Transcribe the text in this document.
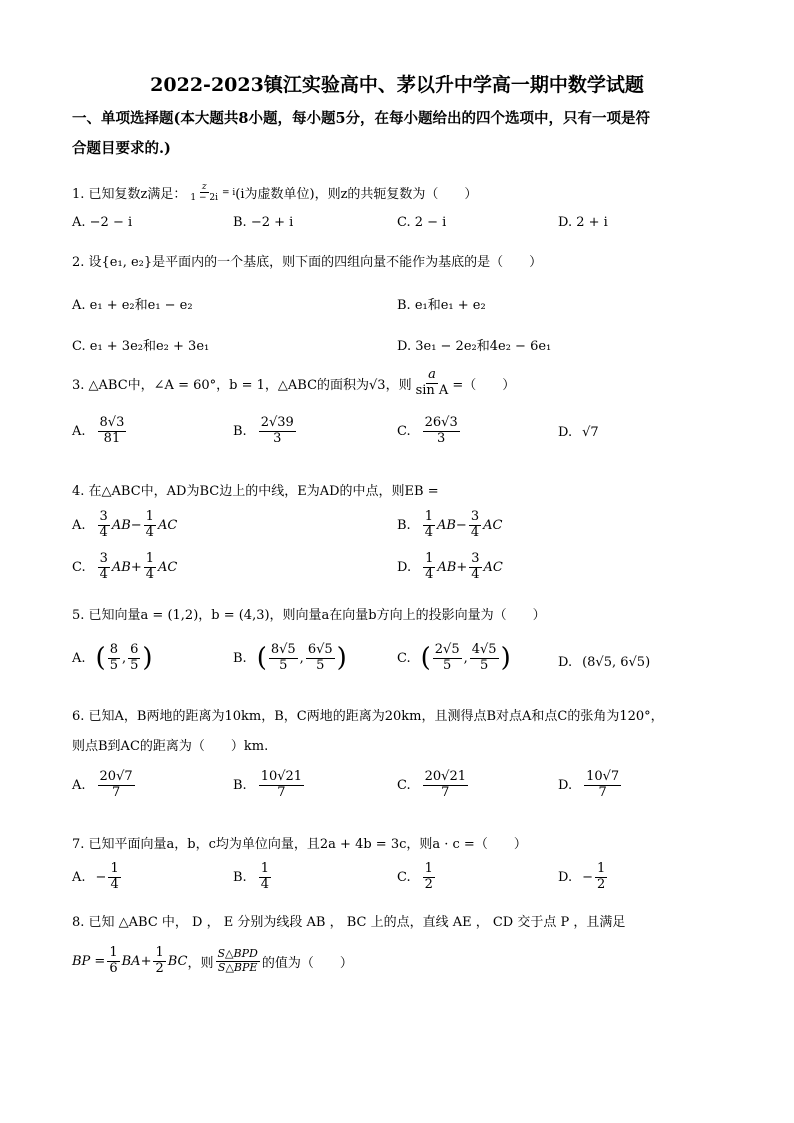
2022-2023镇江实验高中、茅以升中学高一期中数学试题
一、单项选择题(本大题共8小题，每小题5分，在每小题给出的四个选项中，只有一项是符
合题目要求的.)
1. 已知复数z满足： $\frac{z}{1 - 2i} = i$ (i为虚数单位)，则z的共轭复数为（　　）
A. −2 − i	B. −2 + i	C. 2 − i	D. 2 + i
2. 设{e₁, e₂}是平面内的一个基底，则下面的四组向量不能作为基底的是（　　）
A. e₁ + e₂和e₁ − e₂	B. e₁和e₁ + e₂
C. e₁ + 3e₂和e₂ + 3e₁	D. 3e₁ − 2e₂和4e₂ − 6e₁
3. △ABC中，∠A = 60°，b = 1，△ABC的面积为√3，则 $\frac{a}{\text{sin A}}$ =（　　）
A. $\frac{8√3}{81}$	B. $\frac{2√39}{3}$	C. $\frac{26√3}{3}$	D. √7
4. 在△ABC中，AD为BC边上的中线，E为AD的中点，则EB =
A. $\frac{3}{4}$ AB − $\frac{1}{4}$ AC	B. $\frac{1}{4}$ AB − $\frac{3}{4}$ AC
C. $\frac{3}{4}$ AB + $\frac{1}{4}$ AC	D. $\frac{1}{4}$ AB + $\frac{3}{4}$ AC
5. 已知向量a = (1,2)，b = (4,3)，则向量a在向量b方向上的投影向量为（　　）
A. ( $\frac{8}{5}$ , $\frac{6}{5}$ )	B. ( $\frac{8√5}{5}$ , $\frac{6√5}{5}$ )	C. ( $\frac{2√5}{5}$ , $\frac{4√5}{5}$ )	D. (8√5, 6√5)
6. 已知A，B两地的距离为10km，B，C两地的距离为20km，且测得点B对点A和点C的张角为120°，
则点B到AC的距离为（　　）km.
A. $\frac{20√7}{7}$	B. $\frac{10√21}{7}$	C. $\frac{20√21}{7}$	D. $\frac{10√7}{7}$
7. 已知平面向量a，b，c均为单位向量，且2a + 4b = 3c，则a · c =（　　）
A. − $\frac{1}{4}$	B. $\frac{1}{4}$	C. $\frac{1}{2}$	D. − $\frac{1}{2}$
8. 已知 △ABC 中， D ， E 分别为线段 AB ， BC 上的点，直线 AE ， CD 交于点 P ，且满足
BP = $\frac{1}{6}$ BA + $\frac{1}{2}$ BC ，则 $\frac{\text{S△BPD}}{\text{S△BPE}}$ 的值为（　　）
